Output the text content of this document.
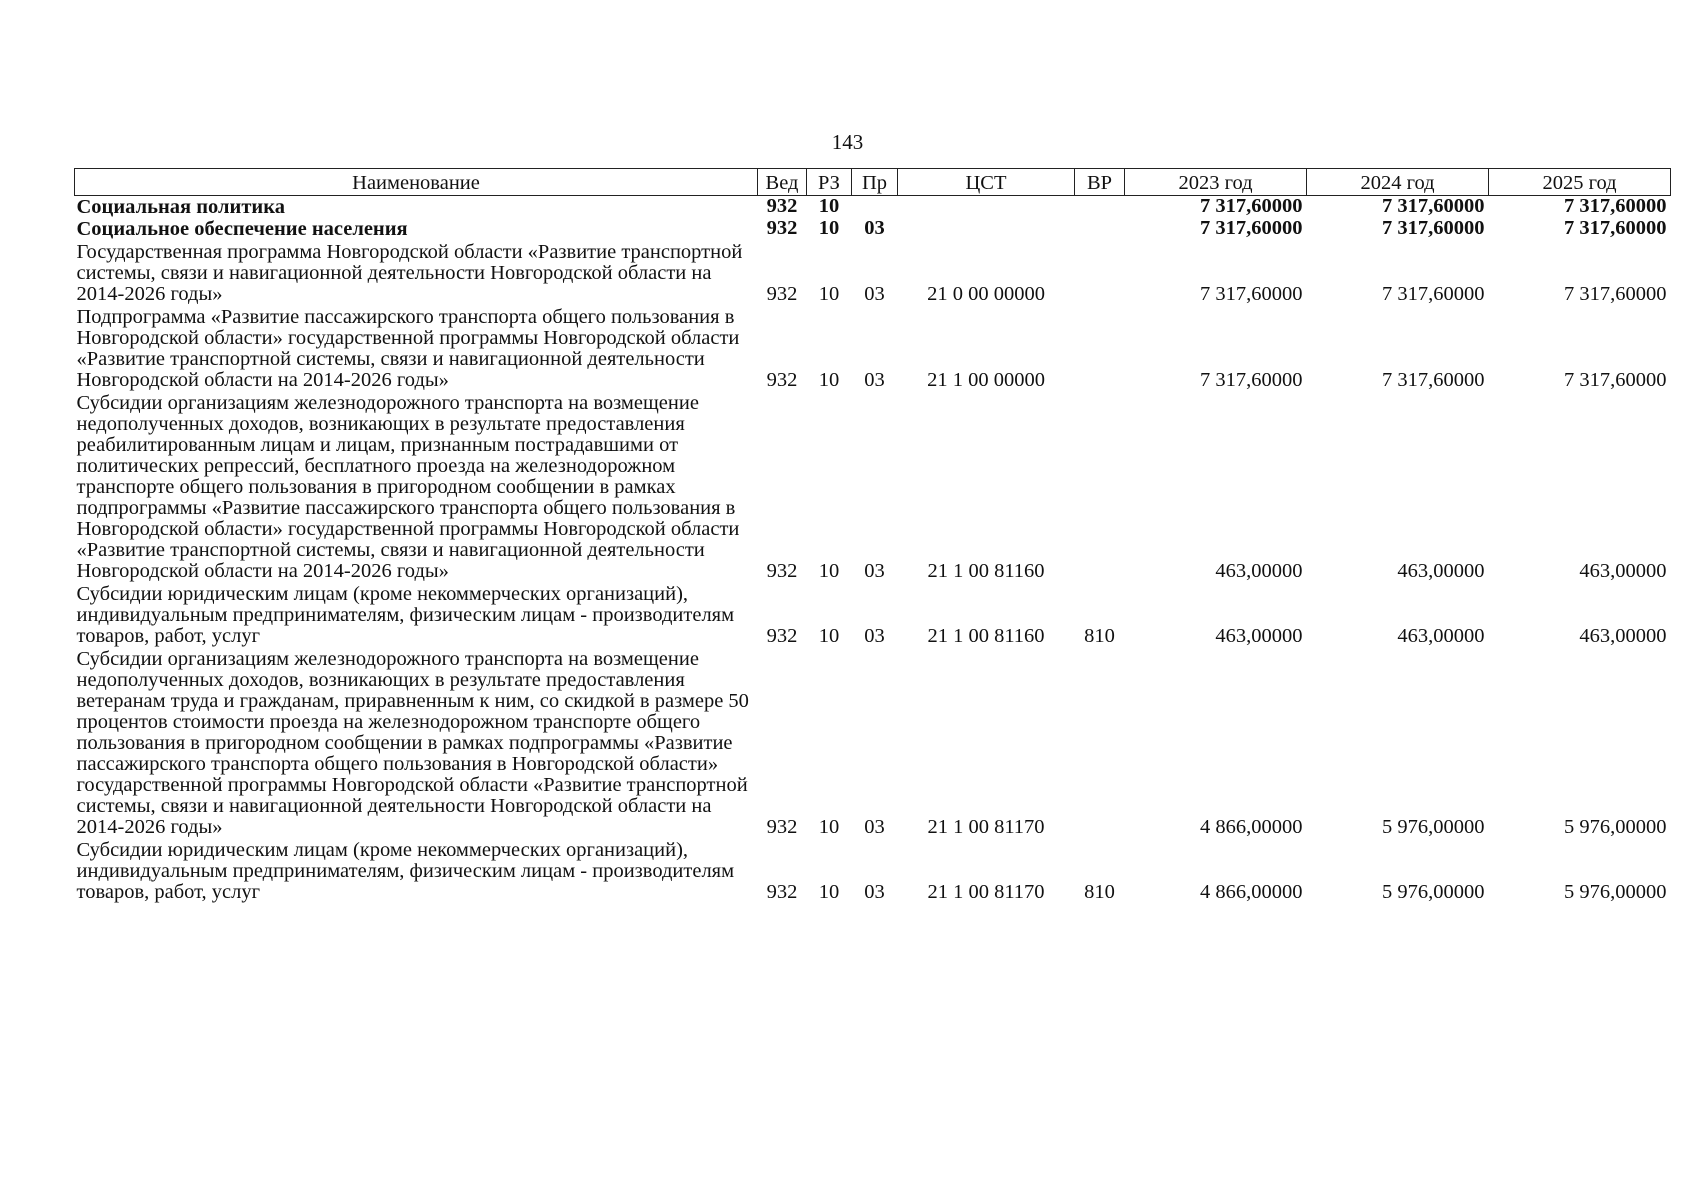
143
Наименование	Вед	РЗ	Пр	ЦСТ	ВР	2023 год	2024 год	2025 год
Социальная политика	932	10				7 317,60000	7 317,60000	7 317,60000
Социальное обеспечение населения	932	10	03			7 317,60000	7 317,60000	7 317,60000
Государственная программа Новгородской области «Развитие транспортной системы, связи и навигационной деятельности Новгородской области на 2014-2026 годы»	932	10	03	21 0 00 00000		7 317,60000	7 317,60000	7 317,60000
Подпрограмма «Развитие пассажирского транспорта общего пользования в Новгородской области» государственной программы Новгородской области «Развитие транспортной системы, связи и навигационной деятельности Новгородской области на 2014-2026 годы»	932	10	03	21 1 00 00000		7 317,60000	7 317,60000	7 317,60000
Субсидии организациям железнодорожного транспорта на возмещение недополученных доходов, возникающих в результате предоставления реабилитированным лицам и лицам, признанным пострадавшими от политических репрессий, бесплатного проезда на железнодорожном транспорте общего пользования в пригородном сообщении в рамках подпрограммы «Развитие пассажирского транспорта общего пользования в Новгородской области» государственной программы Новгородской области «Развитие транспортной системы, связи и навигационной деятельности Новгородской области на 2014-2026 годы»	932	10	03	21 1 00 81160		463,00000	463,00000	463,00000
Субсидии юридическим лицам (кроме некоммерческих организаций), индивидуальным предпринимателям, физическим лицам - производителям товаров, работ, услуг	932	10	03	21 1 00 81160	810	463,00000	463,00000	463,00000
Субсидии организациям железнодорожного транспорта на возмещение недополученных доходов, возникающих в результате предоставления ветеранам труда и гражданам, приравненным к ним, со скидкой в размере 50 процентов стоимости проезда на железнодорожном транспорте общего пользования в пригородном сообщении в рамках подпрограммы «Развитие пассажирского транспорта общего пользования в Новгородской области» государственной программы Новгородской области «Развитие транспортной системы, связи и навигационной деятельности Новгородской области на 2014-2026 годы»	932	10	03	21 1 00 81170		4 866,00000	5 976,00000	5 976,00000
Субсидии юридическим лицам (кроме некоммерческих организаций), индивидуальным предпринимателям, физическим лицам - производителям товаров, работ, услуг	932	10	03	21 1 00 81170	810	4 866,00000	5 976,00000	5 976,00000
